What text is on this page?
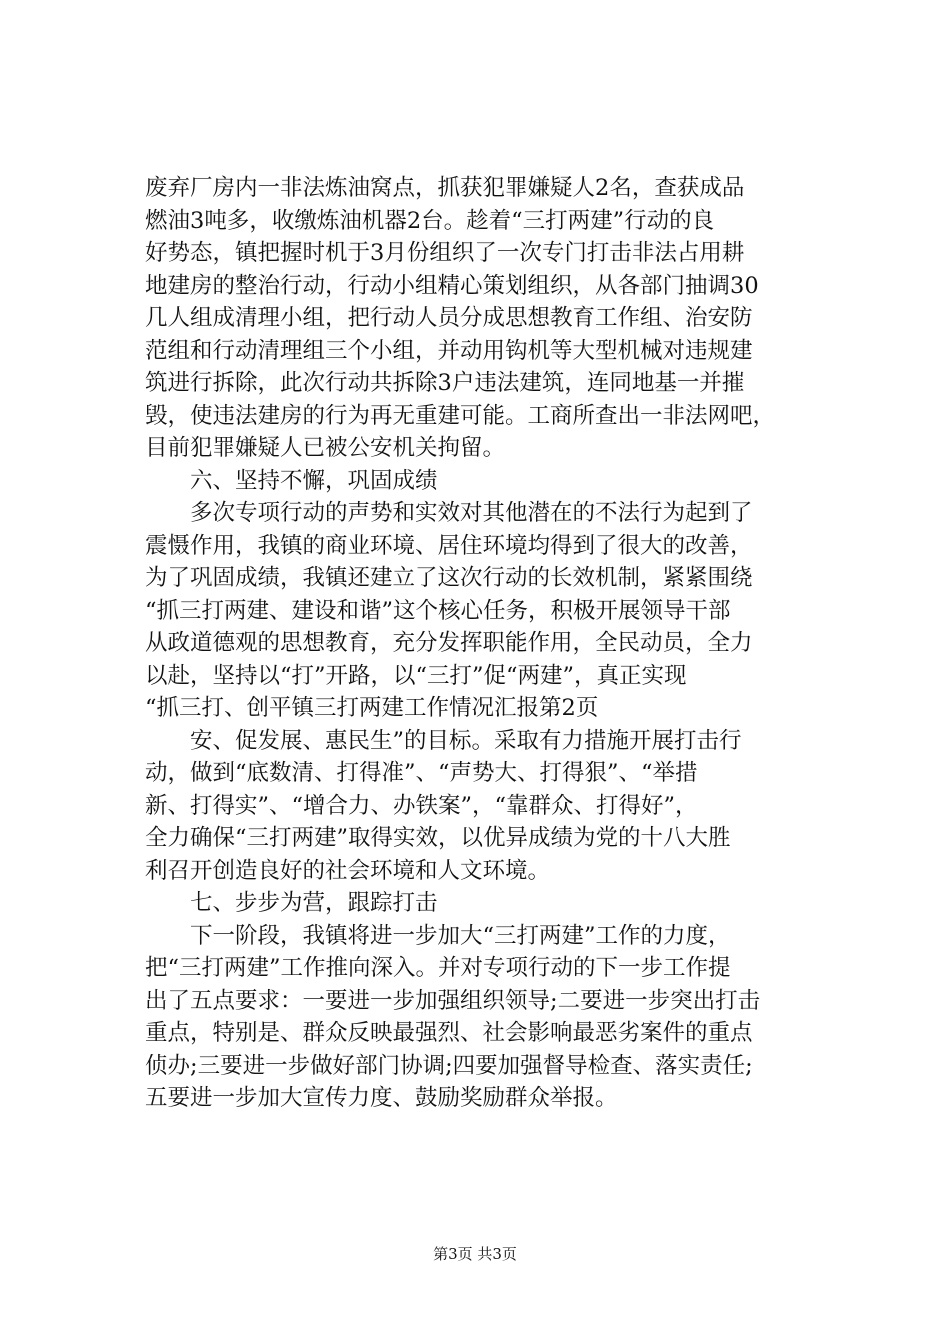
废弃厂房内一非法炼油窝点，抓获犯罪嫌疑人2名，查获成品
燃油3吨多，收缴炼油机器2台。趁着“三打两建”行动的良
好势态，镇把握时机于3月份组织了一次专门打击非法占用耕
地建房的整治行动，行动小组精心策划组织，从各部门抽调30
几人组成清理小组，把行动人员分成思想教育工作组、治安防
范组和行动清理组三个小组，并动用钩机等大型机械对违规建
筑进行拆除，此次行动共拆除3户违法建筑，连同地基一并摧
毁，使违法建房的行为再无重建可能。工商所查出一非法网吧，
目前犯罪嫌疑人已被公安机关拘留。
六、坚持不懈，巩固成绩
多次专项行动的声势和实效对其他潜在的不法行为起到了
震慑作用，我镇的商业环境、居住环境均得到了很大的改善，
为了巩固成绩，我镇还建立了这次行动的长效机制，紧紧围绕
“抓三打两建、建设和谐”这个核心任务，积极开展领导干部
从政道德观的思想教育，充分发挥职能作用，全民动员，全力
以赴，坚持以“打”开路，以“三打”促“两建”，真正实现
“抓三打、创平镇三打两建工作情况汇报第2页
安、促发展、惠民生”的目标。采取有力措施开展打击行
动，做到“底数清、打得准”、“声势大、打得狠”、“举措
新、打得实”、“增合力、办铁案”，“靠群众、打得好”，
全力确保“三打两建”取得实效，以优异成绩为党的十八大胜
利召开创造良好的社会环境和人文环境。
七、步步为营，跟踪打击
下一阶段，我镇将进一步加大“三打两建”工作的力度，
把“三打两建”工作推向深入。并对专项行动的下一步工作提
出了五点要求：一要进一步加强组织领导;二要进一步突出打击
重点，特别是、群众反映最强烈、社会影响最恶劣案件的重点
侦办;三要进一步做好部门协调;四要加强督导检查、落实责任;
五要进一步加大宣传力度、鼓励奖励群众举报。
第3页 共3页
